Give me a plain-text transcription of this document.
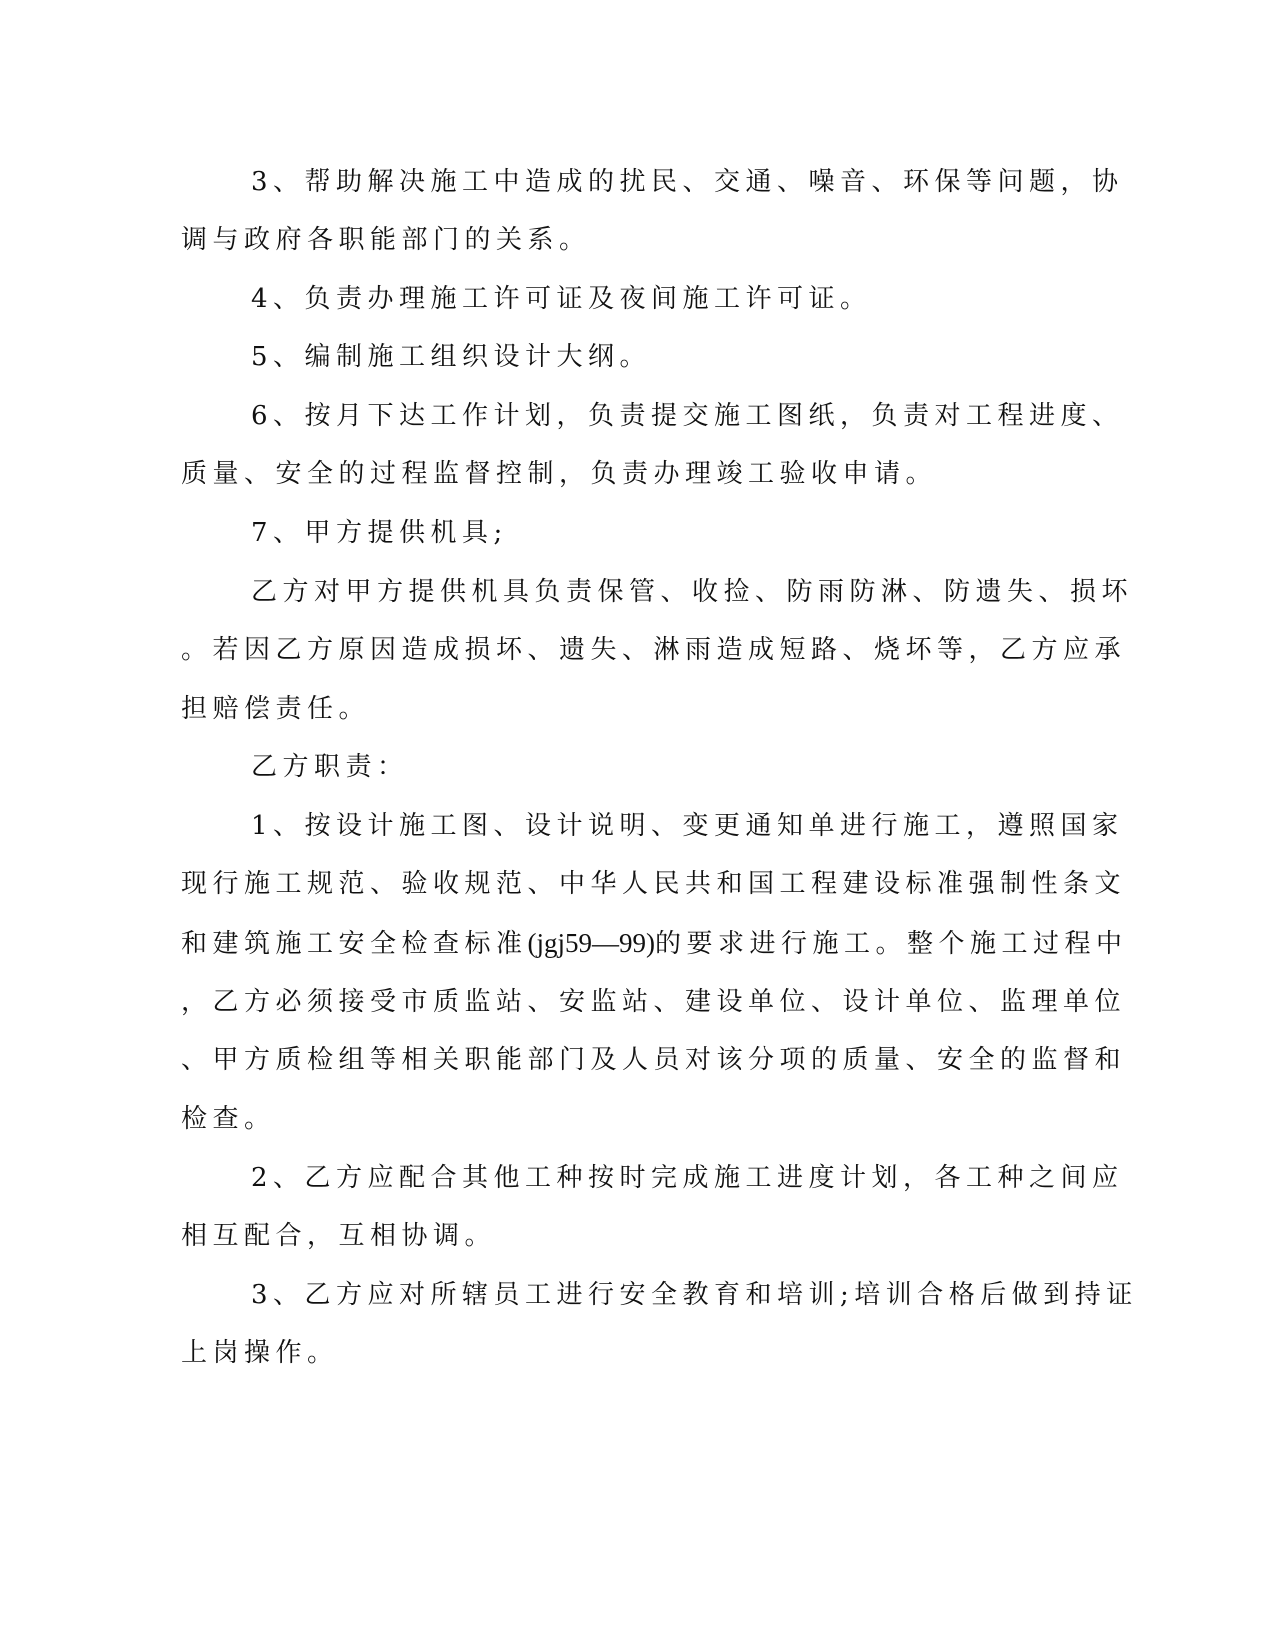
3、帮助解决施工中造成的扰民、交通、噪音、环保等问题，协
调与政府各职能部门的关系。
4、负责办理施工许可证及夜间施工许可证。
5、编制施工组织设计大纲。
6、按月下达工作计划，负责提交施工图纸，负责对工程进度、
质量、安全的过程监督控制，负责办理竣工验收申请。
7、甲方提供机具;
乙方对甲方提供机具负责保管、收捡、防雨防淋、防遗失、损坏
。若因乙方原因造成损坏、遗失、淋雨造成短路、烧坏等，乙方应承
担赔偿责任。
乙方职责：
1、按设计施工图、设计说明、变更通知单进行施工，遵照国家
现行施工规范、验收规范、中华人民共和国工程建设标准强制性条文
和建筑施工安全检查标准(jgj59—99)的要求进行施工。整个施工过程中
，乙方必须接受市质监站、安监站、建设单位、设计单位、监理单位
、甲方质检组等相关职能部门及人员对该分项的质量、安全的监督和
检查。
2、乙方应配合其他工种按时完成施工进度计划，各工种之间应
相互配合，互相协调。
3、乙方应对所辖员工进行安全教育和培训;培训合格后做到持证
上岗操作。
